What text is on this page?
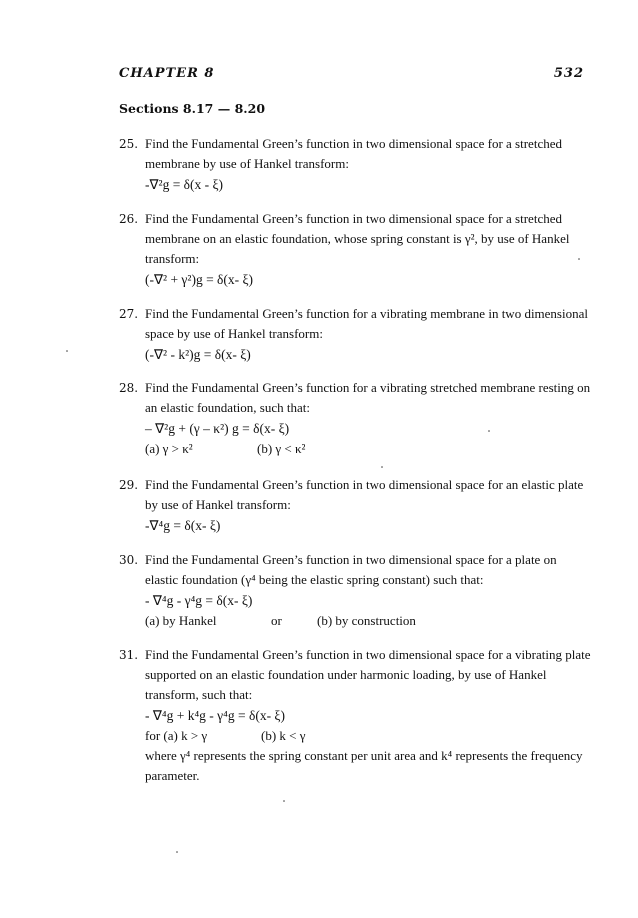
CHAPTER 8	532
Sections 8.17 — 8.20
25. Find the Fundamental Green’s function in two dimensional space for a stretched
membrane by use of Hankel transform:
-∇²g = δ(x - ξ)
26. Find the Fundamental Green’s function in two dimensional space for a stretched
membrane on an elastic foundation, whose spring constant is γ², by use of Hankel
transform:
(-∇² + γ²)g = δ(x- ξ)
27. Find the Fundamental Green’s function for a vibrating membrane in two dimensional
space by use of Hankel transform:
(-∇² - k²)g = δ(x- ξ)
28. Find the Fundamental Green’s function for a vibrating stretched membrane resting on
an elastic foundation, such that:
– ∇²g + (γ – κ²) g = δ(x- ξ)
(a) γ > κ²	(b) γ < κ²
29. Find the Fundamental Green’s function in two dimensional space for an elastic plate
by use of Hankel transform:
-∇⁴g = δ(x- ξ)
30. Find the Fundamental Green’s function in two dimensional space for a plate on
elastic foundation (γ⁴ being the elastic spring constant) such that:
- ∇⁴g - γ⁴g = δ(x- ξ)
(a) by Hankel	or	(b) by construction
31. Find the Fundamental Green’s function in two dimensional space for a vibrating plate
supported on an elastic foundation under harmonic loading, by use of Hankel
transform, such that:
- ∇⁴g + k⁴g - γ⁴g = δ(x- ξ)
for (a) k > γ	(b) k < γ
where γ⁴ represents the spring constant per unit area and k⁴ represents the frequency
parameter.
